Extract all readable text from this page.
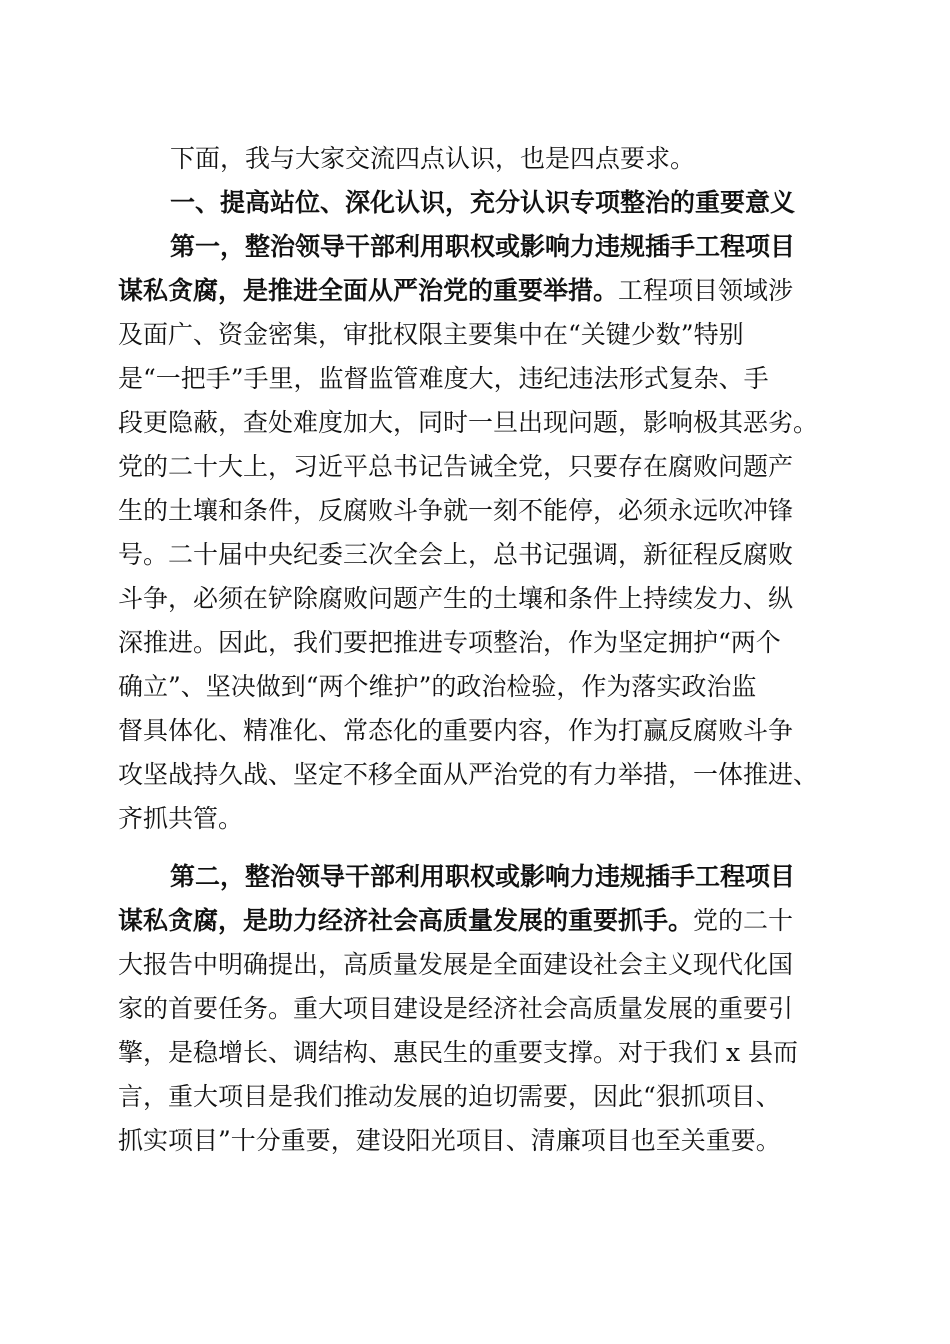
下面，我与大家交流四点认识，也是四点要求。
一、提高站位、深化认识，充分认识专项整治的重要意义
第一，整治领导干部利用职权或影响力违规插手工程项目
谋私贪腐，是推进全面从严治党的重要举措。工程项目领域涉
及面广、资金密集，审批权限主要集中在“关键少数”特别
是“一把手”手里，监督监管难度大，违纪违法形式复杂、手
段更隐蔽，查处难度加大，同时一旦出现问题，影响极其恶劣。
党的二十大上，习近平总书记告诫全党，只要存在腐败问题产
生的土壤和条件，反腐败斗争就一刻不能停，必须永远吹冲锋
号。二十届中央纪委三次全会上，总书记强调，新征程反腐败
斗争，必须在铲除腐败问题产生的土壤和条件上持续发力、纵
深推进。因此，我们要把推进专项整治，作为坚定拥护“两个
确立”、坚决做到“两个维护”的政治检验，作为落实政治监
督具体化、精准化、常态化的重要内容，作为打赢反腐败斗争
攻坚战持久战、坚定不移全面从严治党的有力举措，一体推进、
齐抓共管。
第二，整治领导干部利用职权或影响力违规插手工程项目
谋私贪腐，是助力经济社会高质量发展的重要抓手。党的二十
大报告中明确提出，高质量发展是全面建设社会主义现代化国
家的首要任务。重大项目建设是经济社会高质量发展的重要引
擎，是稳增长、调结构、惠民生的重要支撑。对于我们 x 县而
言，重大项目是我们推动发展的迫切需要，因此“狠抓项目、
抓实项目”十分重要，建设阳光项目、清廉项目也至关重要。
